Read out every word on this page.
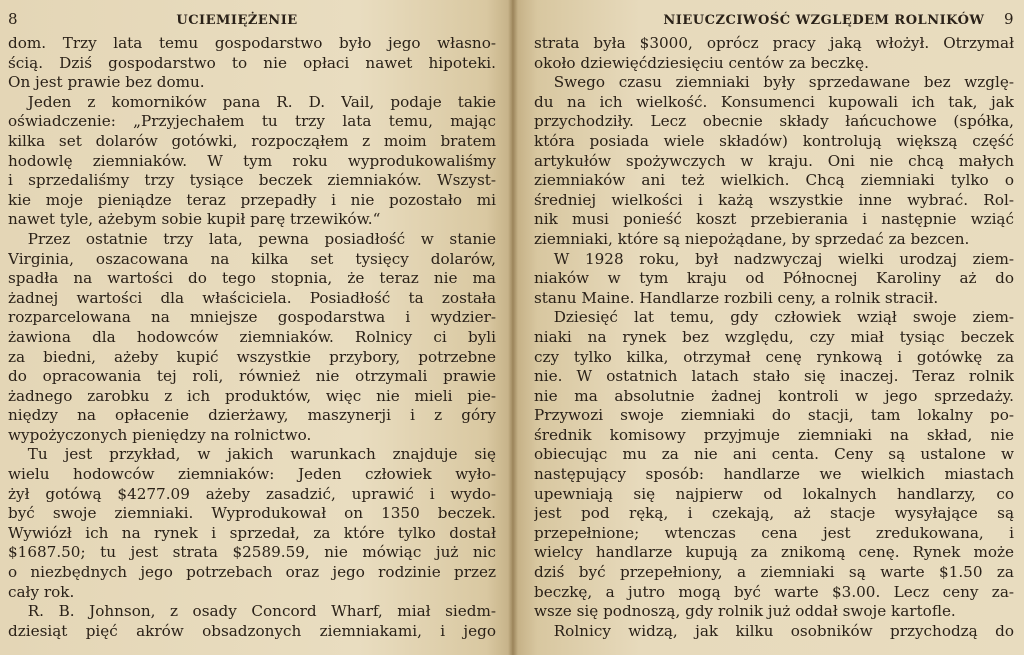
8	UCIEMIĘŻENIE
dom. Trzy lata temu gospodarstwo było jego własno-
ścią. Dziś gospodarstwo to nie opłaci nawet hipoteki.
On jest prawie bez domu.
Jeden z komorników pana R. D. Vail, podaje takie
oświadczenie: „Przyjechałem tu trzy lata temu, mając
kilka set dolarów gotówki, rozpocząłem z moim bratem
hodowlę ziemniaków. W tym roku wyprodukowaliśmy
i sprzedaliśmy trzy tysiące beczek ziemniaków. Wszyst-
kie moje pieniądze teraz przepadły i nie pozostało mi
nawet tyle, ażebym sobie kupił parę trzewików.“
Przez ostatnie trzy lata, pewna posiadłość w stanie
Virginia, oszacowana na kilka set tysięcy dolarów,
spadła na wartości do tego stopnia, że teraz nie ma
żadnej wartości dla właściciela. Posiadłość ta została
rozparcelowana na mniejsze gospodarstwa i wydzier-
żawiona dla hodowców ziemniaków. Rolnicy ci byli
za biedni, ażeby kupić wszystkie przybory, potrzebne
do opracowania tej roli, również nie otrzymali prawie
żadnego zarobku z ich produktów, więc nie mieli pie-
niędzy na opłacenie dzierżawy, maszynerji i z góry
wypożyczonych pieniędzy na rolnictwo.
Tu jest przykład, w jakich warunkach znajduje się
wielu hodowców ziemniaków: Jeden człowiek wyło-
żył gotówą $4277.09 ażeby zasadzić, uprawić i wydo-
być swoje ziemniaki. Wyprodukował on 1350 beczek.
Wywiózł ich na rynek i sprzedał, za które tylko dostał
$1687.50; tu jest strata $2589.59, nie mówiąc już nic
o niezbędnych jego potrzebach oraz jego rodzinie przez
cały rok.
R. B. Johnson, z osady Concord Wharf, miał siedm-
dziesiąt pięć akrów obsadzonych ziemniakami, i jego
NIEUCZCIWOŚĆ WZGLĘDEM ROLNIKÓW 9
strata była $3000, oprócz pracy jaką włożył. Otrzymał
około dziewięćdziesięciu centów za beczkę.
Swego czasu ziemniaki były sprzedawane bez wzglę-
du na ich wielkość. Konsumenci kupowali ich tak, jak
przychodziły. Lecz obecnie składy łańcuchowe (spółka,
która posiada wiele składów) kontrolują większą część
artykułów spożywczych w kraju. Oni nie chcą małych
ziemniaków ani też wielkich. Chcą ziemniaki tylko o
średniej wielkości i każą wszystkie inne wybrać. Rol-
nik musi ponieść koszt przebierania i następnie wziąć
ziemniaki, które są niepożądane, by sprzedać za bezcen.
W 1928 roku, był nadzwyczaj wielki urodzaj ziem-
niaków w tym kraju od Północnej Karoliny aż do
stanu Maine. Handlarze rozbili ceny, a rolnik stracił.
Dziesięć lat temu, gdy człowiek wziął swoje ziem-
niaki na rynek bez względu, czy miał tysiąc beczek
czy tylko kilka, otrzymał cenę rynkową i gotówkę za
nie. W ostatnich latach stało się inaczej. Teraz rolnik
nie ma absolutnie żadnej kontroli w jego sprzedaży.
Przywozi swoje ziemniaki do stacji, tam lokalny po-
średnik komisowy przyjmuje ziemniaki na skład, nie
obiecując mu za nie ani centa. Ceny są ustalone w
następujący sposób: handlarze we wielkich miastach
upewniają się najpierw od lokalnych handlarzy, co
jest pod ręką, i czekają, aż stacje wysyłające są
przepełnione; wtenczas cena jest zredukowana, i
wielcy handlarze kupują za znikomą cenę. Rynek może
dziś być przepełniony, a ziemniaki są warte $1.50 za
beczkę, a jutro mogą być warte $3.00. Lecz ceny za-
wsze się podnoszą, gdy rolnik już oddał swoje kartofle.
Rolnicy widzą, jak kilku osobników przychodzą do
